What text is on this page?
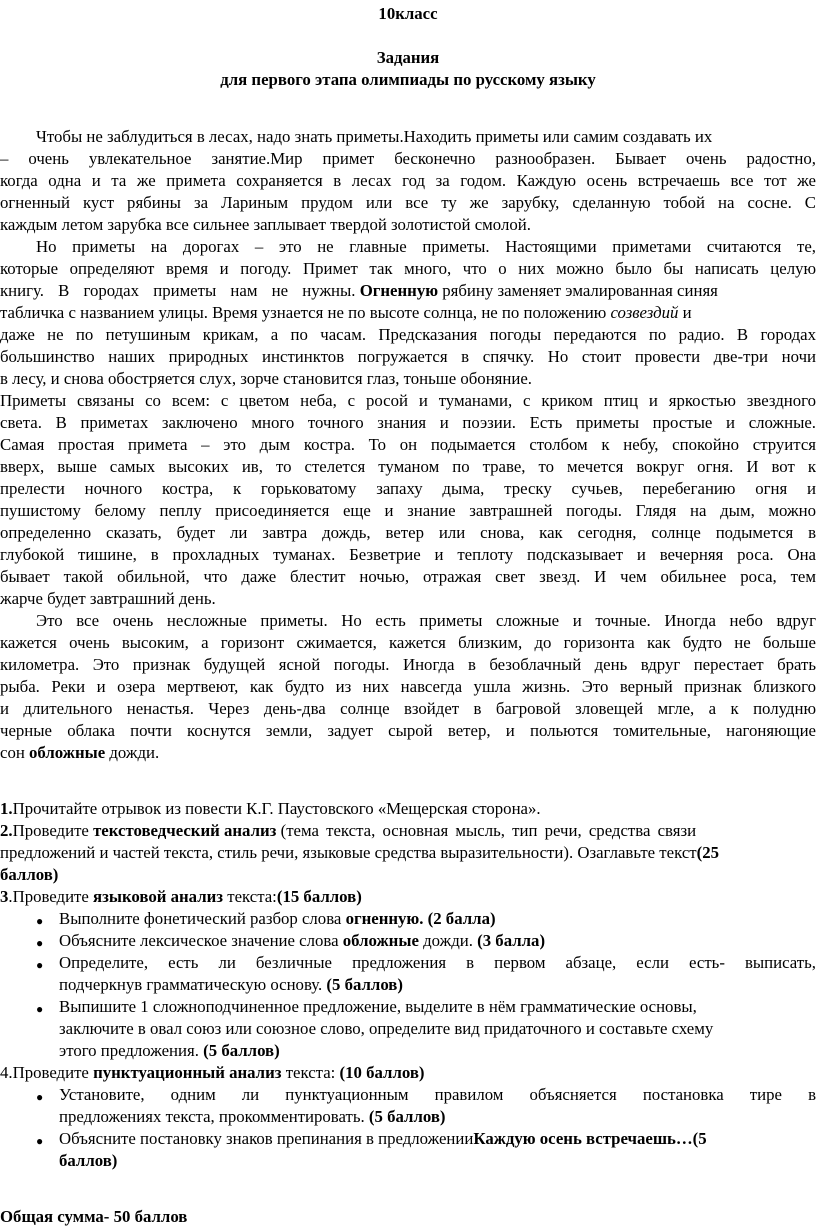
10класс
Задания
для первого этапа олимпиады по русскому языку
Чтобы не заблудиться в лесах, надо знать приметы.Находить приметы или самим создавать их
– очень увлекательное занятие.Мир примет бесконечно разнообразен. Бывает очень радостно,
когда одна и та же примета сохраняется в лесах год за годом. Каждую осень встречаешь все тот же
огненный куст рябины за Лариным прудом или все ту же зарубку, сделанную тобой на сосне. С
каждым летом зарубка все сильнее заплывает твердой золотистой смолой.
Но приметы на дорогах – это не главные приметы. Настоящими приметами считаются те,
которые определяют время и погоду. Примет так много, что о них можно было бы написать целую
книгу. В городах приметы нам не нужны. Огненную рябину заменяет эмалированная синяя
табличка с названием улицы. Время узнается не по высоте солнца, не по положению созвездий и
даже не по петушиным крикам, а по часам. Предсказания погоды передаются по радио. В городах
большинство наших природных инстинктов погружается в спячку. Но стоит провести две-три ночи
в лесу, и снова обостряется слух, зорче становится глаз, тоньше обоняние.
Приметы связаны со всем: с цветом неба, с росой и туманами, с криком птиц и яркостью звездного
света. В приметах заключено много точного знания и поэзии. Есть приметы простые и сложные.
Самая простая примета – это дым костра. То он подымается столбом к небу, спокойно струится
вверх, выше самых высоких ив, то стелется туманом по траве, то мечется вокруг огня. И вот к
прелести ночного костра, к горьковатому запаху дыма, треску сучьев, перебеганию огня и
пушистому белому пеплу присоединяется еще и знание завтрашней погоды. Глядя на дым, можно
определенно сказать, будет ли завтра дождь, ветер или снова, как сегодня, солнце подымется в
глубокой тишине, в прохладных туманах. Безветрие и теплоту подсказывает и вечерняя роса. Она
бывает такой обильной, что даже блестит ночью, отражая свет звезд. И чем обильнее роса, тем
жарче будет завтрашний день.
Это все очень несложные приметы. Но есть приметы сложные и точные. Иногда небо вдруг
кажется очень высоким, а горизонт сжимается, кажется близким, до горизонта как будто не больше
километра. Это признак будущей ясной погоды. Иногда в безоблачный день вдруг перестает брать
рыба. Реки и озера мертвеют, как будто из них навсегда ушла жизнь. Это верный признак близкого
и длительного ненастья. Через день-два солнце взойдет в багровой зловещей мгле, а к полудню
черные облака почти коснутся земли, задует сырой ветер, и польются томительные, нагоняющие
сон обложные дожди.
1.Прочитайте отрывок из повести К.Г. Паустовского «Мещерская сторона».
2.Проведите текстоведческий анализ (тема текста, основная мысль, тип речи, средства связи
предложений и частей текста, стиль речи, языковые средства выразительности). Озаглавьте текст(25
баллов)
3.Проведите языковой анализ текста:(15 баллов)
● Выполните фонетический разбор слова огненную. (2 балла)
● Объясните лексическое значение слова обложные дожди. (3 балла)
● Определите, есть ли безличные предложения в первом абзаце, если есть- выписать,
подчеркнув грамматическую основу. (5 баллов)
● Выпишите 1 сложноподчиненное предложение, выделите в нём грамматические основы,
заключите в овал союз или союзное слово, определите вид придаточного и составьте схему
этого предложения. (5 баллов)
4.Проведите пунктуационный анализ текста: (10 баллов)
● Установите, одним ли пунктуационным правилом объясняется постановка тире в
предложениях текста, прокомментировать. (5 баллов)
● Объясните постановку знаков препинания в предложенииКаждую осень встречаешь…(5
баллов)
Общая сумма- 50 баллов
